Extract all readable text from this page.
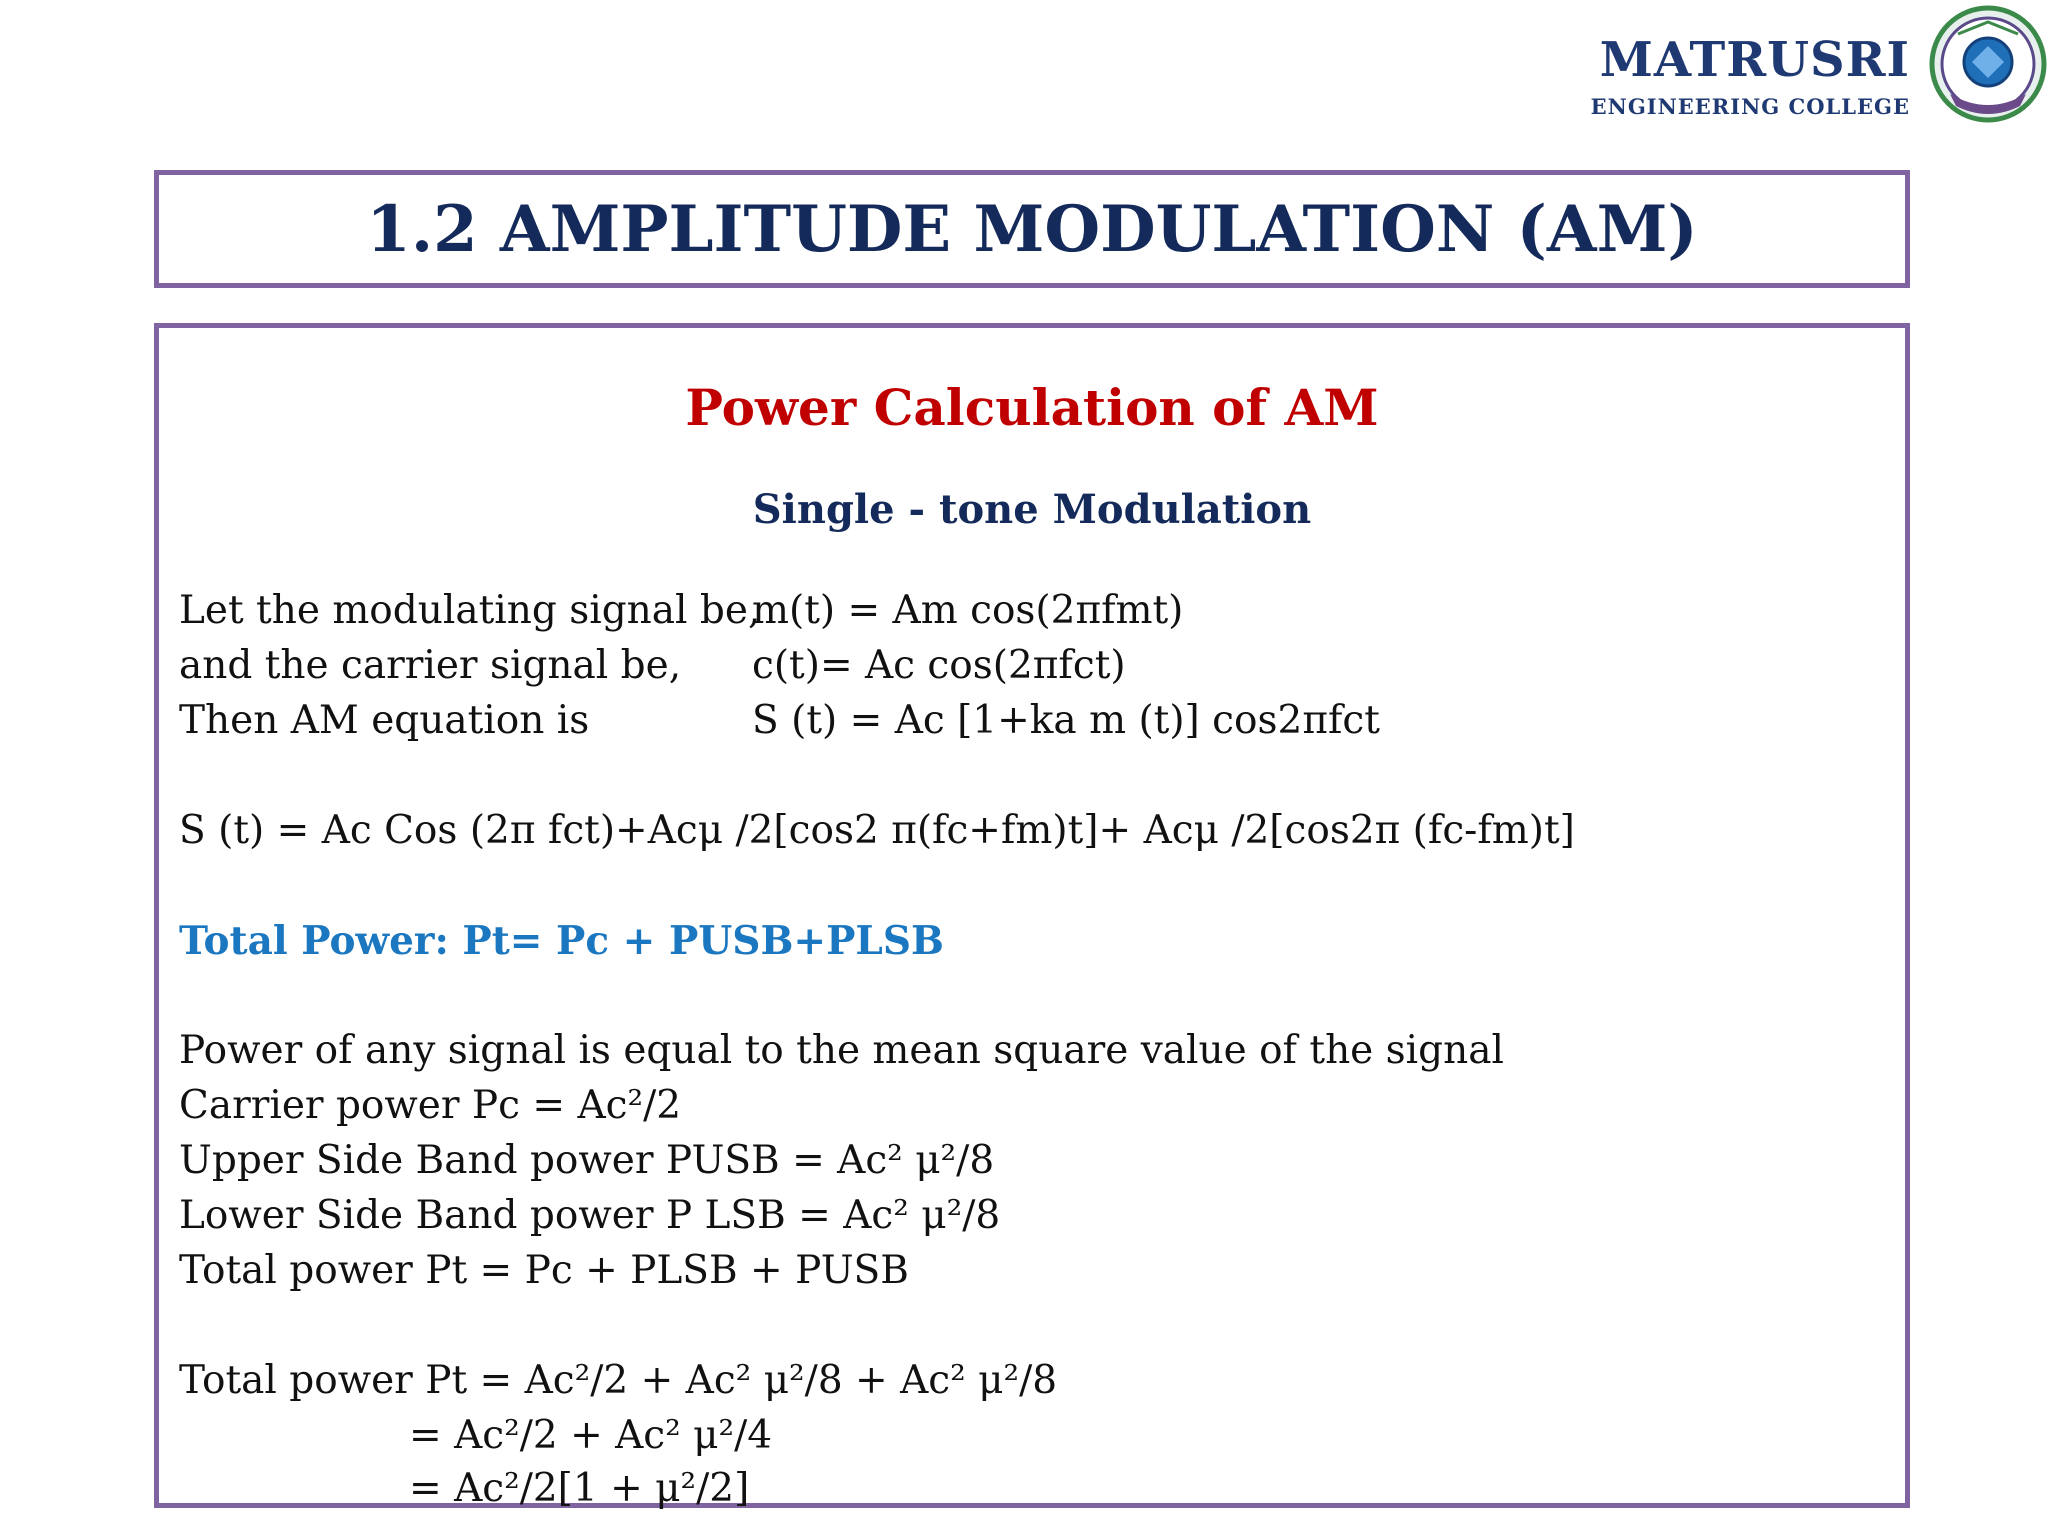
MATRUSRI
ENGINEERING COLLEGE
1.2 AMPLITUDE MODULATION (AM)
Power Calculation of AM
Single - tone Modulation
Let the modulating signal be,
m(t) = Am cos(2πfmt)
and the carrier signal be, c(t)= Ac cos(2πfct)
Then AM equation is	S (t) = Ac [1+ka m (t)] cos2πfct
S (t) = Ac Cos (2π fct)+Acμ /2[cos2 π(fc+fm)t]+ Acμ /2[cos2π (fc-fm)t]
Total Power: Pt= Pc + PUSB+PLSB
Power of any signal is equal to the mean square value of the signal
Carrier power Pc = Ac²/2
Upper Side Band power PUSB = Ac² μ²/8
Lower Side Band power P LSB = Ac² μ²/8
Total power Pt = Pc + PLSB + PUSB
Total power Pt = Ac²/2 + Ac² μ²/8 + Ac² μ²/8
= Ac²/2 + Ac² μ²/4
= Ac²/2[1 + μ²/2]
